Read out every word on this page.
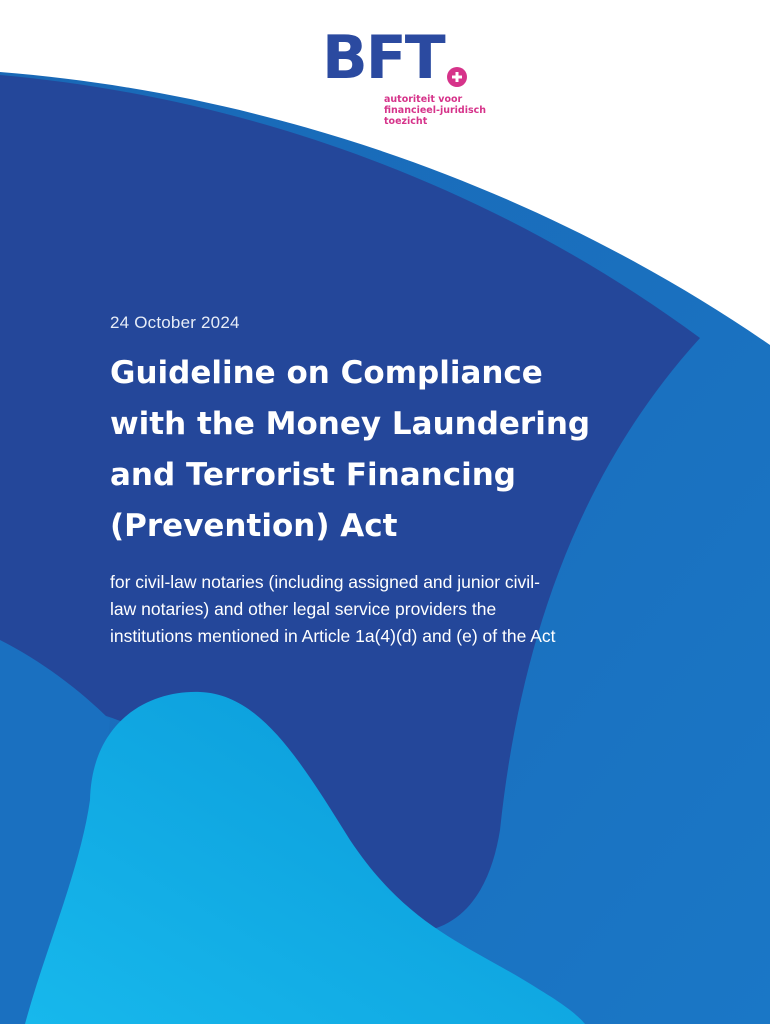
BFT
autoriteit voor
financieel-juridisch
toezicht
24 October 2024
Guideline on Compliance
with the Money Laundering
and Terrorist Financing
(Prevention) Act
for civil-law notaries (including assigned and junior civil-
law notaries) and other legal service providers the
institutions mentioned in Article 1a(4)(d) and (e) of the Act
